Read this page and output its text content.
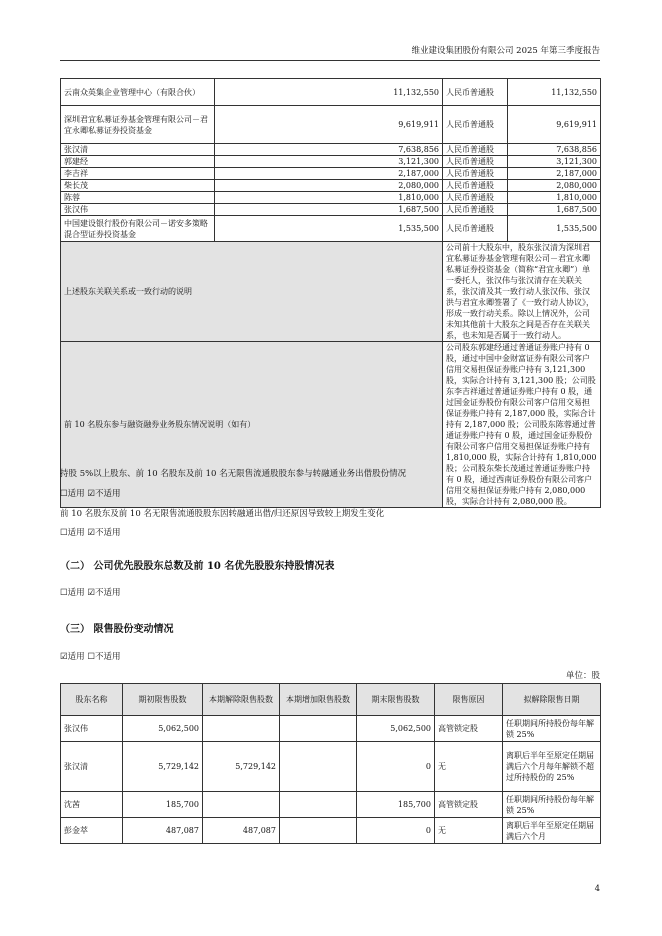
维业建设集团股份有限公司 2025 年第三季度报告
云南众英集企业管理中心（有限合伙）	11,132,550	人民币普通股	11,132,550
深圳君宜私募证券基金管理有限公司－君宜永卿私募证券投资基金	9,619,911	人民币普通股	9,619,911
张汉清	7,638,856	人民币普通股	7,638,856
郭建经	3,121,300	人民币普通股	3,121,300
李吉祥	2,187,000	人民币普通股	2,187,000
柴长茂	2,080,000	人民币普通股	2,080,000
陈蓉	1,810,000	人民币普通股	1,810,000
张汉伟	1,687,500	人民币普通股	1,687,500
中国建设银行股份有限公司－诺安多策略混合型证券投资基金	1,535,500	人民币普通股	1,535,500
上述股东关联关系或一致行动的说明		公司前十大股东中，股东张汉清为深圳君宜私募证券基金管理有限公司－君宜永卿私募证券投资基金（简称“君宜永卿”）单一委托人，张汉伟与张汉清存在关联关系，张汉清及其一致行动人张汉伟、张汉洪与君宜永卿签署了《一致行动人协议》，形成一致行动关系。除以上情况外，公司未知其他前十大股东之间是否存在关联关系，也未知是否属于一致行动人。	
前 10 名股东参与融资融券业务股东情况说明（如有）		公司股东郭建经通过普通证券账户持有 0 股，通过中国中金财富证券有限公司客户信用交易担保证券账户持有 3,121,300 股，实际合计持有 3,121,300 股；公司股东李吉祥通过普通证券账户持有 0 股，通过国金证券股份有限公司客户信用交易担保证券账户持有 2,187,000 股，实际合计持有 2,187,000 股；公司股东陈蓉通过普通证券账户持有 0 股，通过国金证券股份有限公司客户信用交易担保证券账户持有 1,810,000 股，实际合计持有 1,810,000 股；公司股东柴长茂通过普通证券账户持有 0 股，通过西南证券股份有限公司客户信用交易担保证券账户持有 2,080,000 股，实际合计持有 2,080,000 股。	
持股 5%以上股东、前 10 名股东及前 10 名无限售流通股股东参与转融通业务出借股份情况
☐适用 ☑不适用
前 10 名股东及前 10 名无限售流通股股东因转融通出借/归还原因导致较上期发生变化
☐适用 ☑不适用
（二） 公司优先股股东总数及前 10 名优先股股东持股情况表
☐适用 ☑不适用
（三） 限售股份变动情况
☑适用 ☐不适用
单位：股
股东名称	期初限售股数	本期解除限售股数	本期增加限售股数	期末限售股数	限售原因	拟解除限售日期
张汉伟	5,062,500			5,062,500	高管锁定股	任职期间所持股份每年解锁 25%
张汉清	5,729,142	5,729,142		0	无	离职后半年至原定任期届满后六个月每年解锁不超过所持股份的 25%
沈茜	185,700			185,700	高管锁定股	任职期间所持股份每年解锁 25%
彭金萃	487,087	487,087		0	无	离职后半年至原定任期届满后六个月
4
